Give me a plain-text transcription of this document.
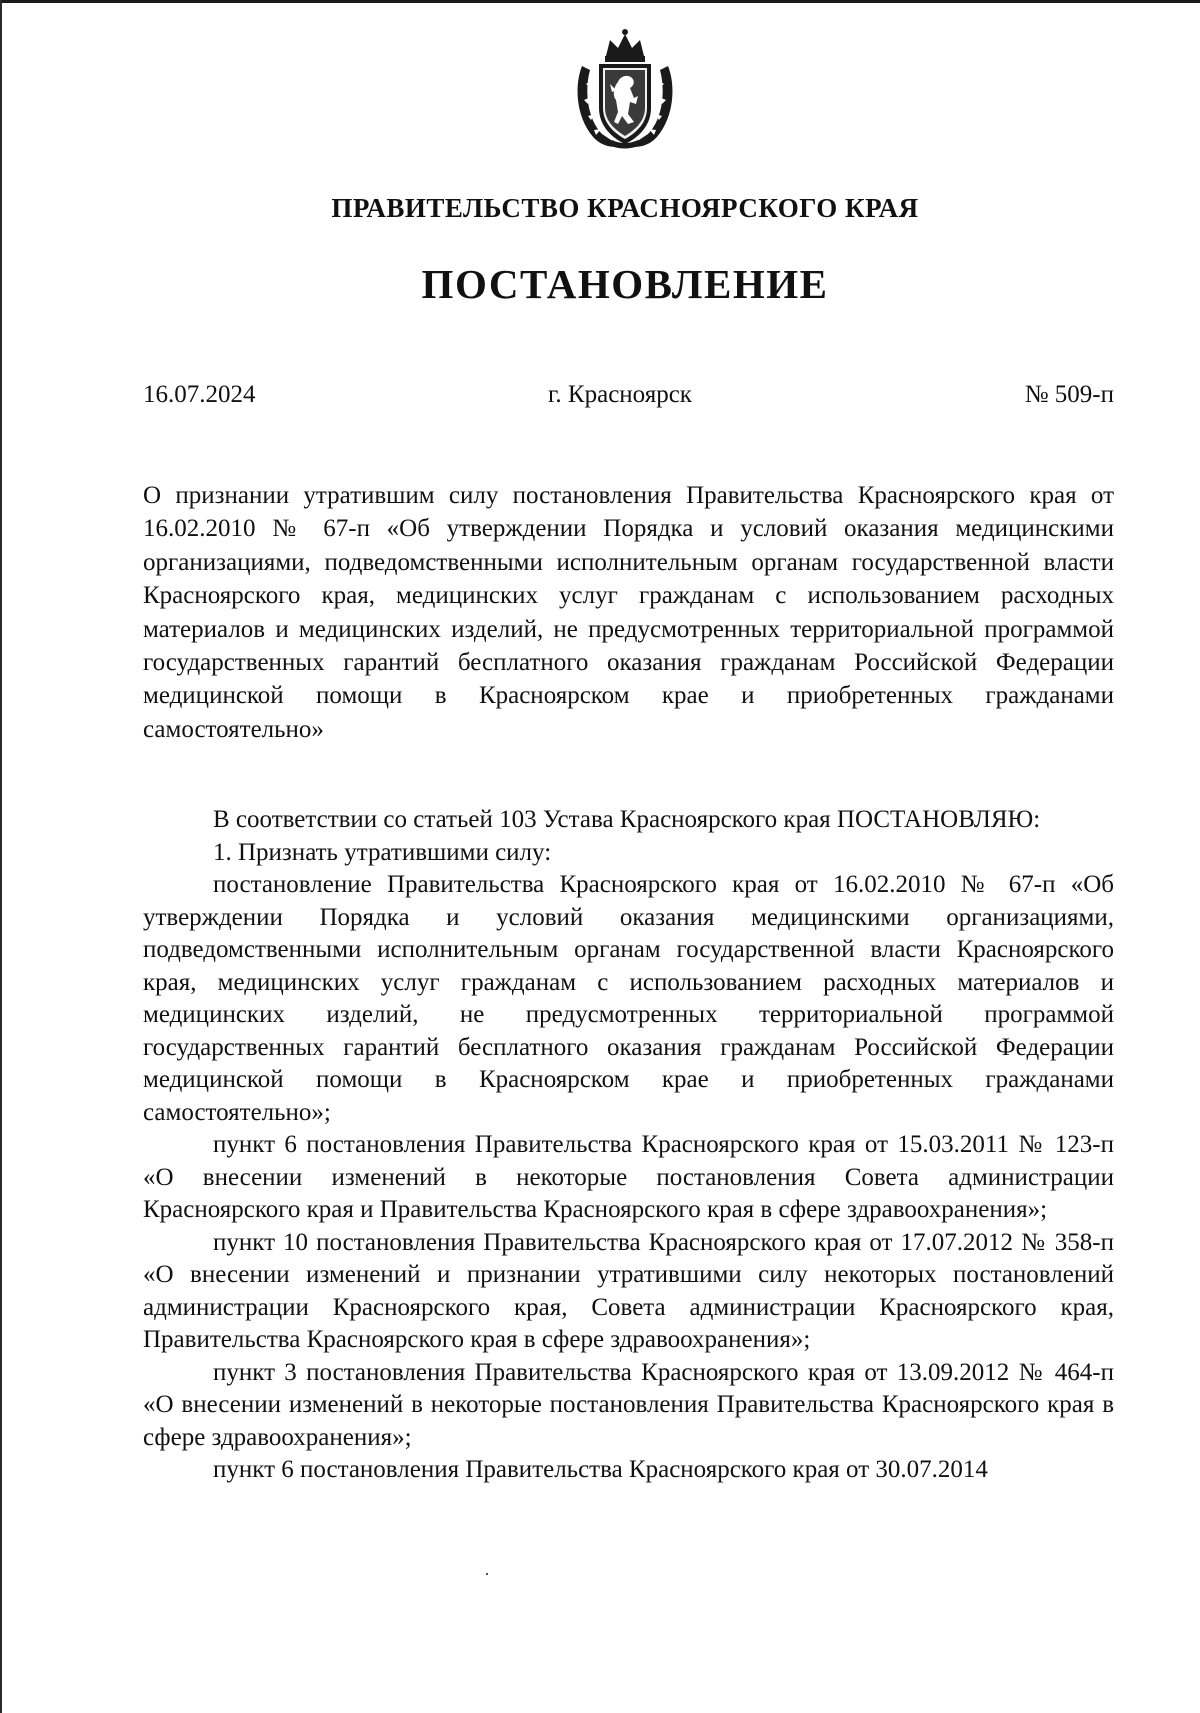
ПРАВИТЕЛЬСТВО КРАСНОЯРСКОГО КРАЯ
ПОСТАНОВЛЕНИЕ
16.07.2024	г. Красноярск	№ 509-п
О признании утратившим силу постановления Правительства Красноярского края от 16.02.2010 № 67-п «Об утверждении Порядка и условий оказания медицинскими организациями, подведомственными исполнительным органам государственной власти Красноярского края, медицинских услуг гражданам с использованием расходных материалов и медицинских изделий, не предусмотренных территориальной программой государственных гарантий бесплатного оказания гражданам Российской Федерации медицинской помощи в Красноярском крае и приобретенных гражданами самостоятельно»

В соответствии со статьей 103 Устава Красноярского края ПОСТАНОВЛЯЮ:

1. Признать утратившими силу:

постановление Правительства Красноярского края от 16.02.2010 № 67-п «Об утверждении Порядка и условий оказания медицинскими организациями, подведомственными исполнительным органам государственной власти Красноярского края, медицинских услуг гражданам с использованием расходных материалов и медицинских изделий, не предусмотренных территориальной программой государственных гарантий бесплатного оказания гражданам Российской Федерации медицинской помощи в Красноярском крае и приобретенных гражданами самостоятельно»;

пункт 6 постановления Правительства Красноярского края от 15.03.2011 № 123-п «О внесении изменений в некоторые постановления Совета администрации Красноярского края и Правительства Красноярского края в сфере здравоохранения»;

пункт 10 постановления Правительства Красноярского края от 17.07.2012 № 358-п «О внесении изменений и признании утратившими силу некоторых постановлений администрации Красноярского края, Совета администрации Красноярского края, Правительства Красноярского края в сфере здравоохранения»;

пункт 3 постановления Правительства Красноярского края от 13.09.2012 № 464-п «О внесении изменений в некоторые постановления Правительства Красноярского края в сфере здравоохранения»;

пункт 6 постановления Правительства Красноярского края от 30.07.2014
